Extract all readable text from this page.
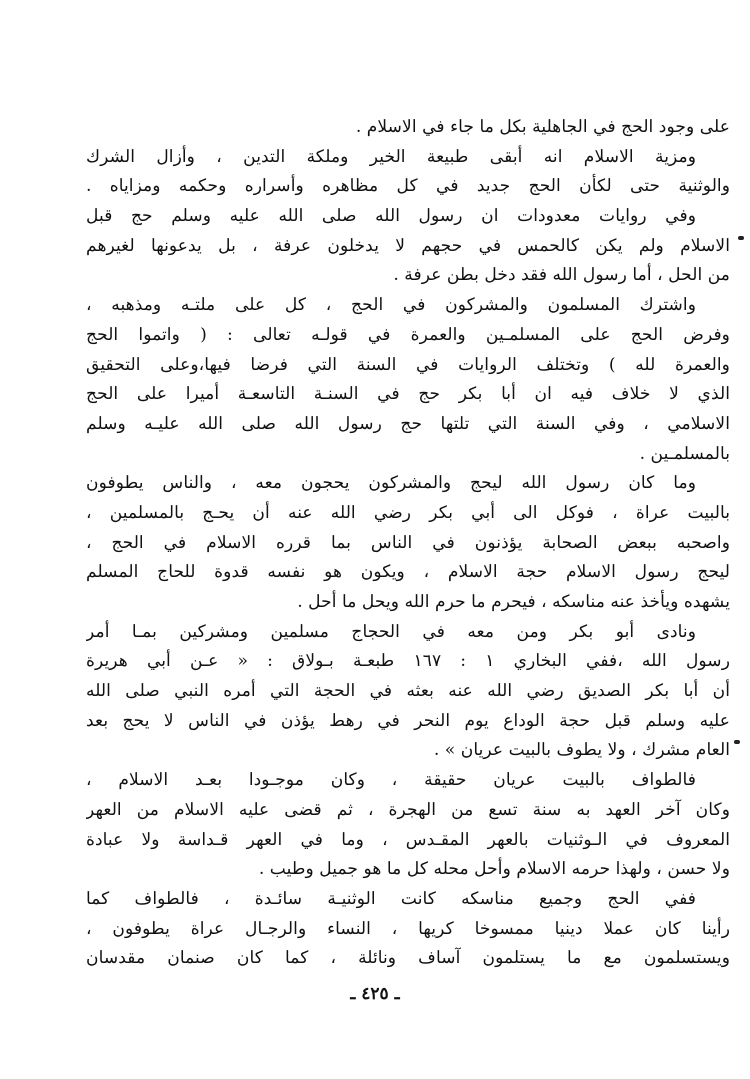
على وجود الحج في الجاهلية بكل ما جاء في الاسلام .
ومزية الاسلام انه أبقى طبيعة الخير وملكة التدين ، وأزال الشرك
والوثنية حتى لكأن الحج جديد في كل مظاهره وأسراره وحكمه ومزاياه .
وفي روايات معدودات ان رسول الله صلى الله عليه وسلم حج قبل
الاسلام ولم يكن كالحمس في حجهم لا يدخلون عرفة ، بل يدعونها لغيرهم
من الحل ، أما رسول الله فقد دخل بطن عرفة .
واشترك المسلمون والمشركون في الحج ، كل على ملتـه ومذهبه ،
وفرض الحج على المسلمـين والعمرة في قولـه تعالى : ( واتموا الحج
والعمرة لله ) وتختلف الروايات في السنة التي فرضا فيها،وعلى التحقيق
الذي لا خلاف فيه ان أبا بكر حج في السنـة التاسعـة أميرا على الحج
الاسلامي ، وفي السنة التي تلتها حج رسول الله صلى الله عليـه وسلم
بالمسلمـين .
وما كان رسول الله ليحج والمشركون يحجون معه ، والناس يطوفون
بالبيت عراة ، فوكل الى أبي بكر رضي الله عنه أن يحـج بالمسلمين ،
واصحبه ببعض الصحابة يؤذنون في الناس بما قرره الاسلام في الحج ،
ليحج رسول الاسلام حجة الاسلام ، ويكون هو نفسه قدوة للحاج المسلم
يشهده ويأخذ عنه مناسكه ، فيحرم ما حرم الله ويحل ما أحل .
ونادى أبو بكر ومن معه في الحجاج مسلمين ومشركين بمـا أمر
رسول الله ،ففي البخاري ١ : ١٦٧ طبعـة بـولاق : « عـن أبي هريرة
أن أبا بكر الصديق رضي الله عنه بعثه في الحجة التي أمره النبي صلى الله
عليه وسلم قبل حجة الوداع يوم النحر في رهط يؤذن في الناس لا يحج بعد
العام مشرك ، ولا يطوف بالبيت عريان » .
فالطواف بالبيت عريان حقيقة ، وكان موجـودا بعـد الاسلام ،
وكان آخر العهد به سنة تسع من الهجرة ، ثم قضى عليه الاسلام من العهر
المعروف في الـوثنيات بالعهر المقـدس ، وما في العهر قـداسة ولا عبادة
ولا حسن ، ولهذا حرمه الاسلام وأحل محله كل ما هو جميل وطيب .
ففي الحج وجميع مناسكه كانت الوثنيـة سائـدة ، فالطواف كما
رأينا كان عملا دينيا ممسوخا كريها ، النساء والرجـال عراة يطوفون ،
ويستسلمون مع ما يستلمون آساف ونائلة ، كما كان صنمان مقدسان
ـ ٤٢٥ ـ
